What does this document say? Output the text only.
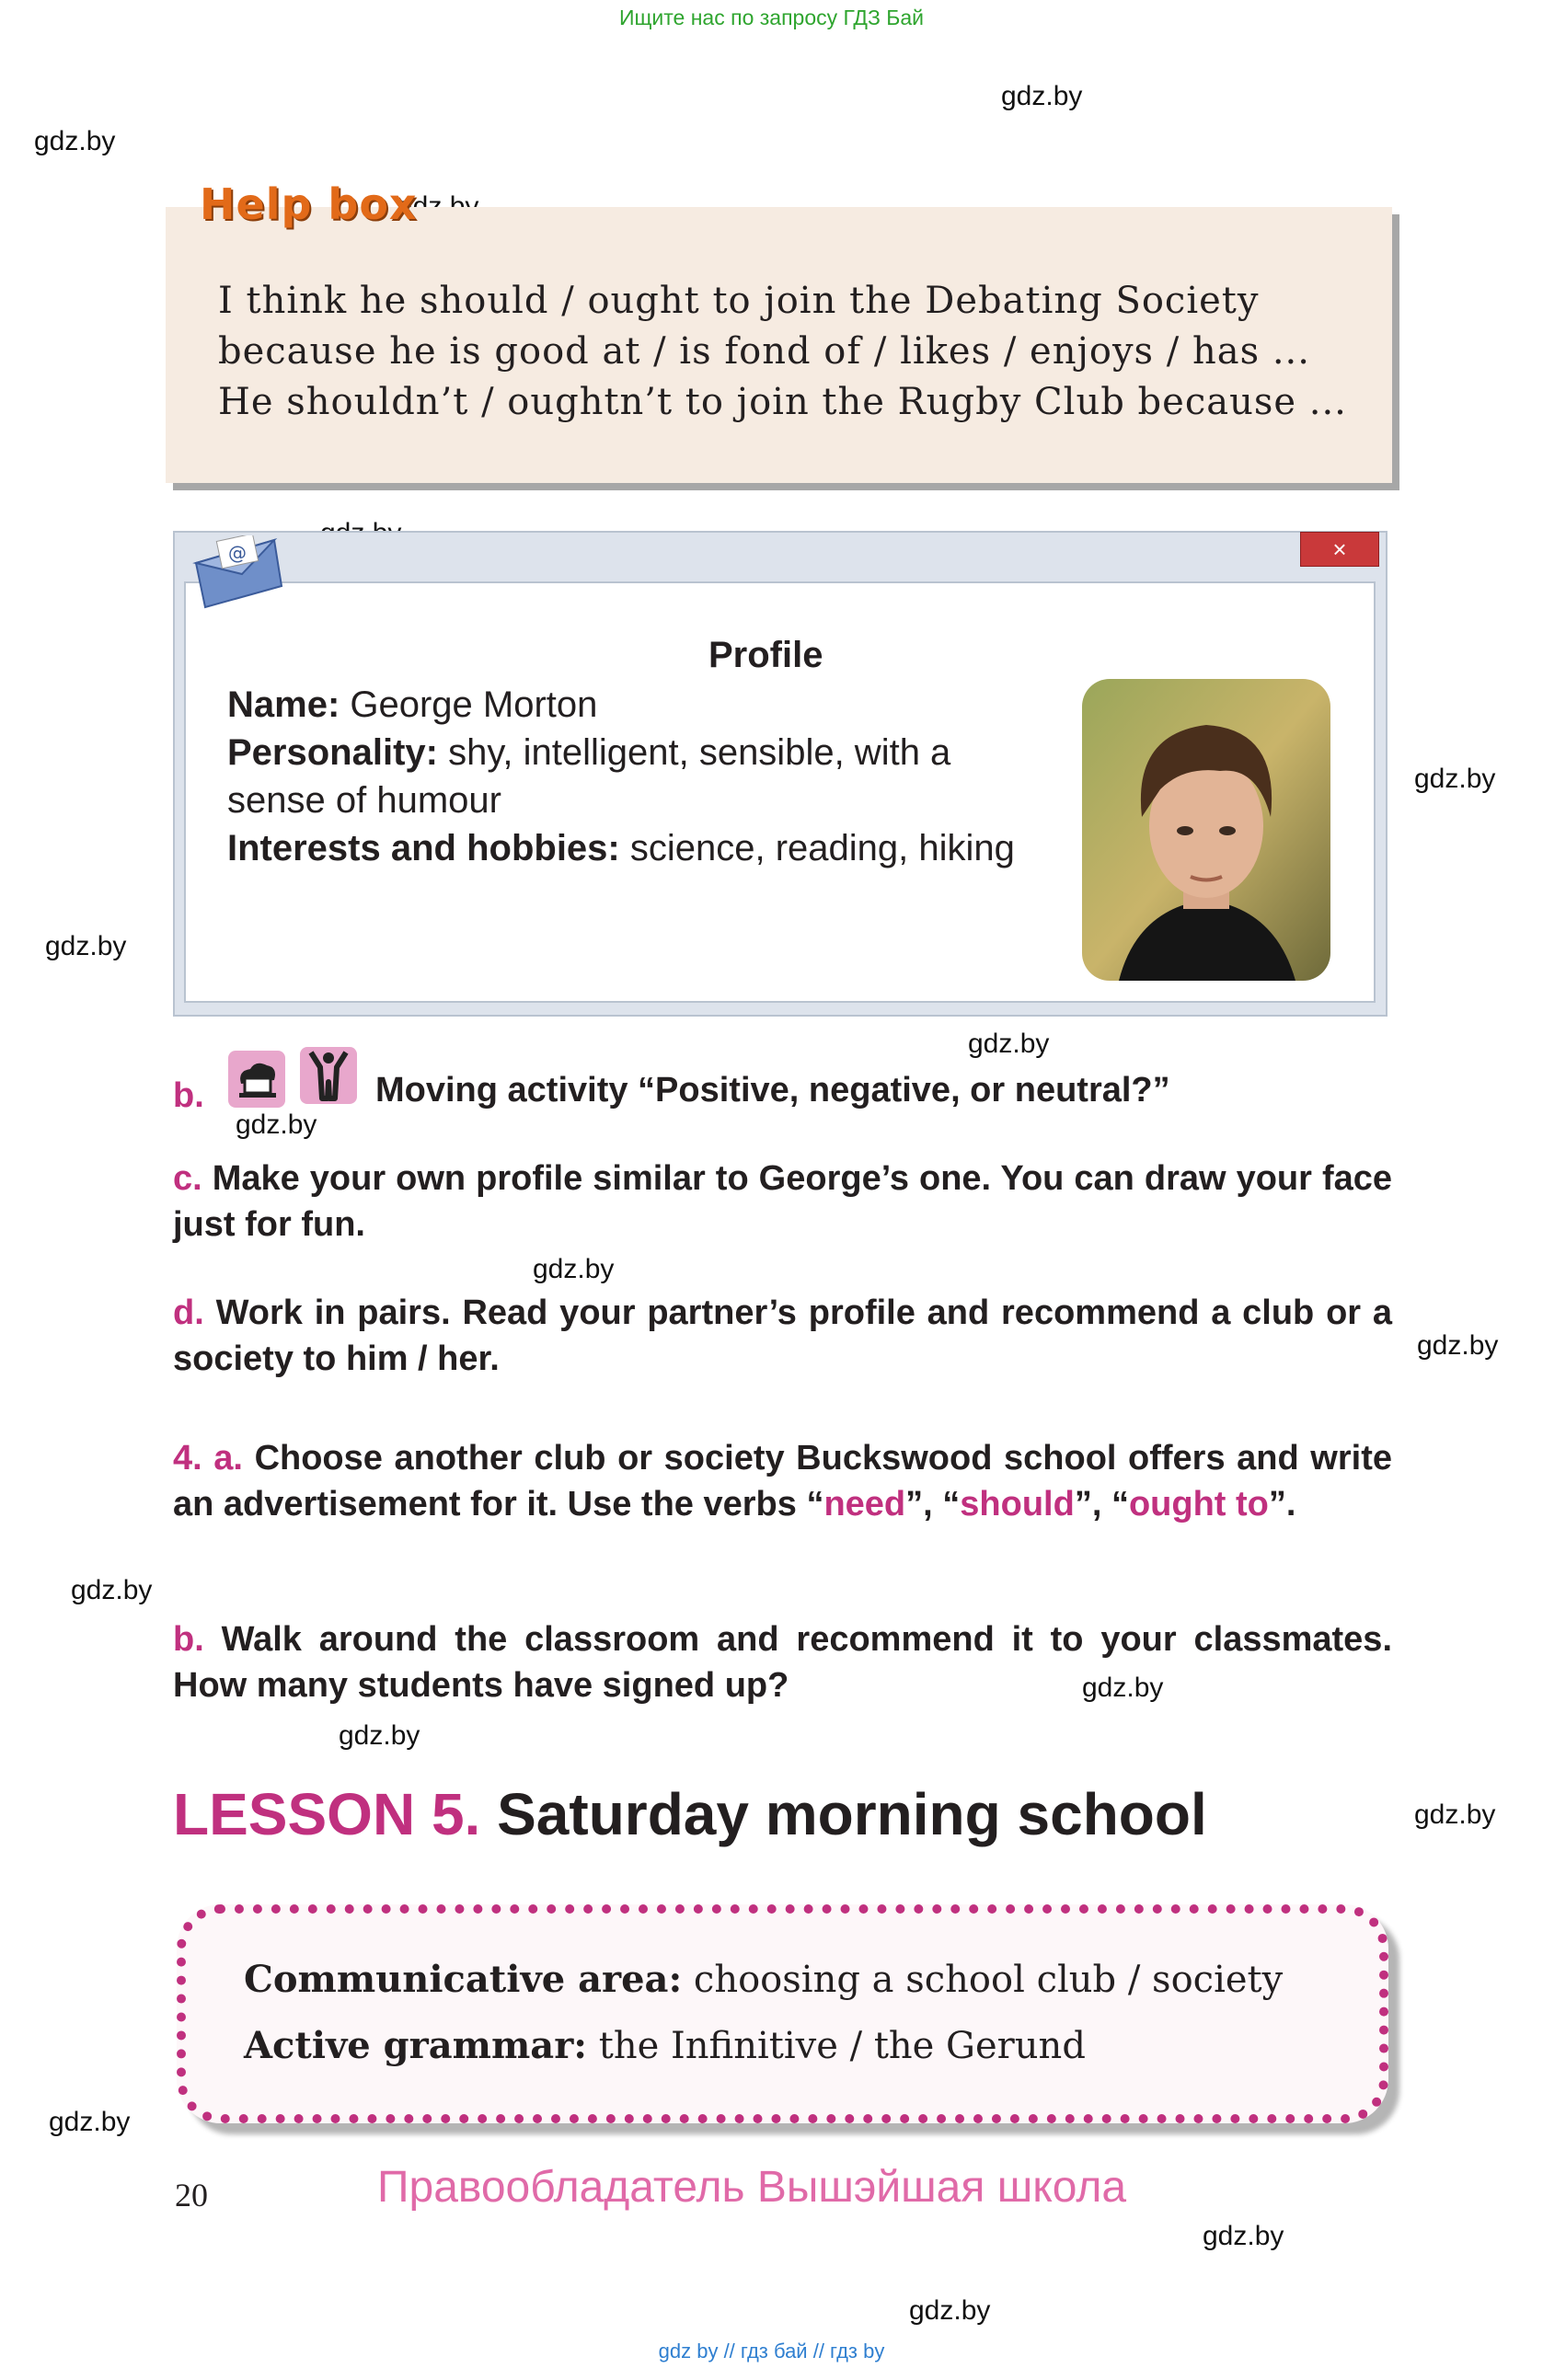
Ищите нас по запросу ГДЗ Бай
gdz by // гдз бай // гдз by
gdz.by
gdz.by
gdz.by
gdz.by
gdz.by
gdz.by
gdz.by
gdz.by
gdz.by
gdz.by
gdz.by
gdz.by
gdz.by
gdz.by
gdz.by
Help box
I think he should / ought to join the Debating Society
because he is good at / is fond of / likes / enjoys / has ...
He shouldn’t / oughtn’t to join the Rugby Club because ...
×
@
Profile
Name: George Morton
Personality: shy, intelligent, sensible, with a sense of humour
Interests and hobbies: science, reading, hiking
b.	Moving activity “Positive, negative, or neutral?”
c. Make your own profile similar to George’s one. You can draw your face just for fun.
d. Work in pairs. Read your partner’s profile and recommend a club or a society to him / her.
4. a. Choose another club or society Buckswood school offers and write an advertisement for it. Use the verbs “need”, “should”, “ought to”.
b. Walk around the classroom and recommend it to your classmates. How many students have signed up?
LESSON 5. Saturday morning school
Communicative area: choosing a school club / society
Active grammar: the Infinitive / the Gerund
20	Правообладатель Вышэйшая школа
